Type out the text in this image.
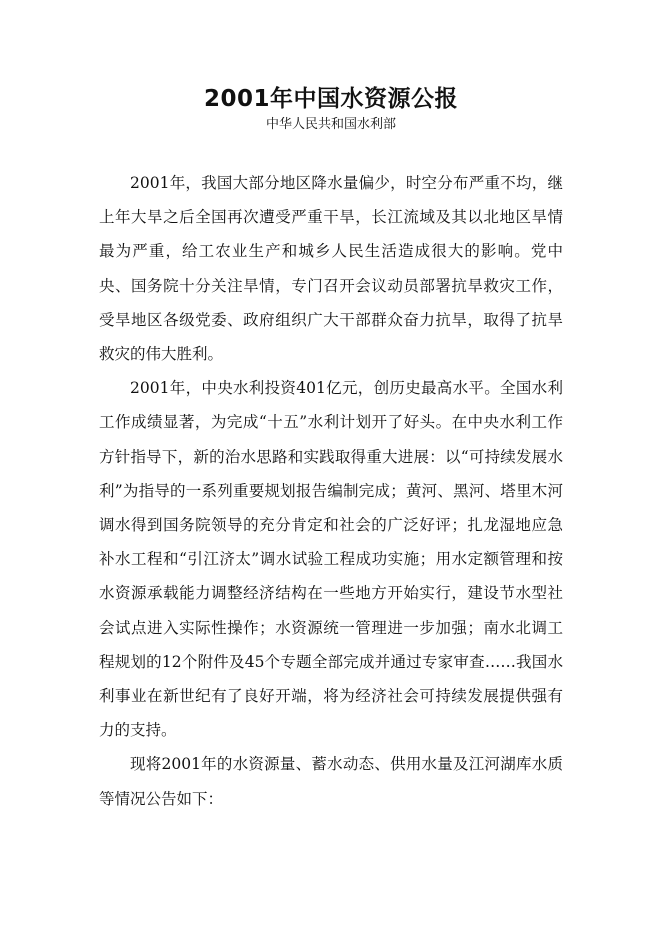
2001年中国水资源公报

中华人民共和国水利部

2001年，我国大部分地区降水量偏少，时空分布严重不均，继上年大旱之后全国再次遭受严重干旱，长江流域及其以北地区旱情最为严重，给工农业生产和城乡人民生活造成很大的影响。党中央、国务院十分关注旱情，专门召开会议动员部署抗旱救灾工作，受旱地区各级党委、政府组织广大干部群众奋力抗旱，取得了抗旱救灾的伟大胜利。

2001年，中央水利投资401亿元，创历史最高水平。全国水利工作成绩显著，为完成“十五”水利计划开了好头。在中央水利工作方针指导下，新的治水思路和实践取得重大进展：以“可持续发展水利”为指导的一系列重要规划报告编制完成；黄河、黑河、塔里木河调水得到国务院领导的充分肯定和社会的广泛好评；扎龙湿地应急补水工程和“引江济太”调水试验工程成功实施；用水定额管理和按水资源承载能力调整经济结构在一些地方开始实行，建设节水型社会试点进入实际性操作；水资源统一管理进一步加强；南水北调工程规划的12个附件及45个专题全部完成并通过专家审查……我国水利事业在新世纪有了良好开端，将为经济社会可持续发展提供强有力的支持。

现将2001年的水资源量、蓄水动态、供用水量及江河湖库水质等情况公告如下：
